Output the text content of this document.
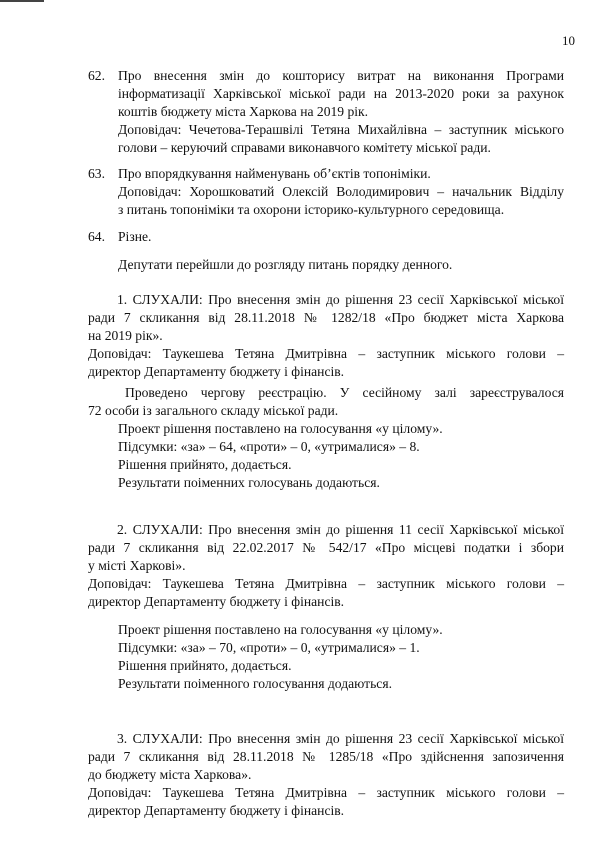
10
62. Про внесення змін до кошторису витрат на виконання Програми
інформатизації Харківської міської ради на 2013-2020 роки за рахунок
коштів бюджету міста Харкова на 2019 рік.
Доповідач: Чечетова-Терашвілі Тетяна Михайлівна – заступник міського
голови – керуючий справами виконавчого комітету міської ради.
63. Про впорядкування найменувань об’єктів топоніміки.
Доповідач: Хорошковатий Олексій Володимирович – начальник Відділу
з питань топоніміки та охорони історико-культурного середовища.
64. Різне.
Депутати перейшли до розгляду питань порядку денного.
1. СЛУХАЛИ: Про внесення змін до рішення 23 сесії Харківської міської
ради 7 скликання від 28.11.2018 № 1282/18 «Про бюджет міста Харкова
на 2019 рік».
Доповідач: Таукешева Тетяна Дмитрівна – заступник міського голови –
директор Департаменту бюджету і фінансів.
Проведено чергову реєстрацію. У сесійному залі зареєструвалося
72 особи із загального складу міської ради.
Проект рішення поставлено на голосування «у цілому».
Підсумки: «за» – 64, «проти» – 0, «утрималися» – 8.
Рішення прийнято, додається.
Результати поіменних голосувань додаються.
2. СЛУХАЛИ: Про внесення змін до рішення 11 сесії Харківської міської
ради 7 скликання від 22.02.2017 № 542/17 «Про місцеві податки і збори
у місті Харкові».
Доповідач: Таукешева Тетяна Дмитрівна – заступник міського голови –
директор Департаменту бюджету і фінансів.
Проект рішення поставлено на голосування «у цілому».
Підсумки: «за» – 70, «проти» – 0, «утрималися» – 1.
Рішення прийнято, додається.
Результати поіменного голосування додаються.
3. СЛУХАЛИ: Про внесення змін до рішення 23 сесії Харківської міської
ради 7 скликання від 28.11.2018 № 1285/18 «Про здійснення запозичення
до бюджету міста Харкова».
Доповідач: Таукешева Тетяна Дмитрівна – заступник міського голови –
директор Департаменту бюджету і фінансів.
